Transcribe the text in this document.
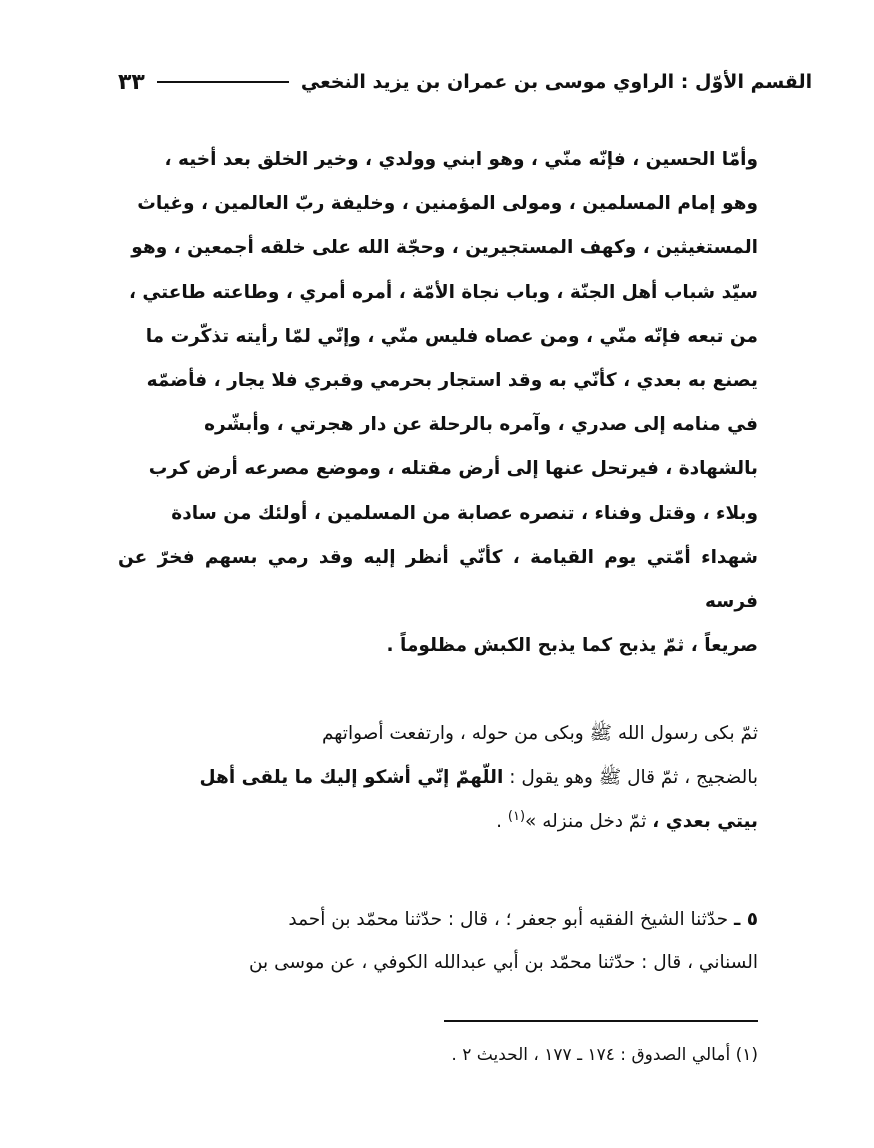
٣٣	القسم الأوّل : الراوي موسى بن عمران بن يزيد النخعي

وأمّا الحسين ، فإنّه منّي ، وهو ابني وولدي ، وخير الخلق بعد أخيه ،

وهو إمام المسلمين ، ومولى المؤمنين ، وخليفة ربّ العالمين ، وغياث

المستغيثين ، وكهف المستجيرين ، وحجّة الله على خلقه أجمعين ، وهو

سيّد شباب أهل الجنّة ، وباب نجاة الأمّة ، أمره أمري ، وطاعته طاعتي ،

من تبعه فإنّه منّي ، ومن عصاه فليس منّي ، وإنّي لمّا رأيته تذكّرت ما

يصنع به بعدي ، كأنّي به وقد استجار بحرمي وقبري فلا يجار ، فأضمّه

في منامه إلى صدري ، وآمره بالرحلة عن دار هجرتي ، وأبشّره

بالشهادة ، فيرتحل عنها إلى أرض مقتله ، وموضع مصرعه أرض كرب

وبلاء ، وقتل وفناء ، تنصره عصابة من المسلمين ، أولئك من سادة

شهداء أمّتي يوم القيامة ، كأنّي أنظر إليه وقد رمي بسهم فخرّ عن فرسه

صريعاً ، ثمّ يذبح كما يذبح الكبش مظلوماً .

ثمّ بكى رسول الله ﷺ وبكى من حوله ، وارتفعت أصواتهم

بالضجيج ، ثمّ قال ﷺ وهو يقول : اللّهمّ إنّي أشكو إليك ما يلقى أهل

بيتي بعدي ، ثمّ دخل منزله »$^{(١)}$ .

٥ ـ حدّثنا الشيخ الفقيه أبو جعفر ؛ ، قال : حدّثنا محمّد بن أحمد

السناني ، قال : حدّثنا محمّد بن أبي عبدالله الكوفي ، عن موسى بن

(١) أمالي الصدوق : ١٧٤ ـ ١٧٧ ، الحديث ٢ .
